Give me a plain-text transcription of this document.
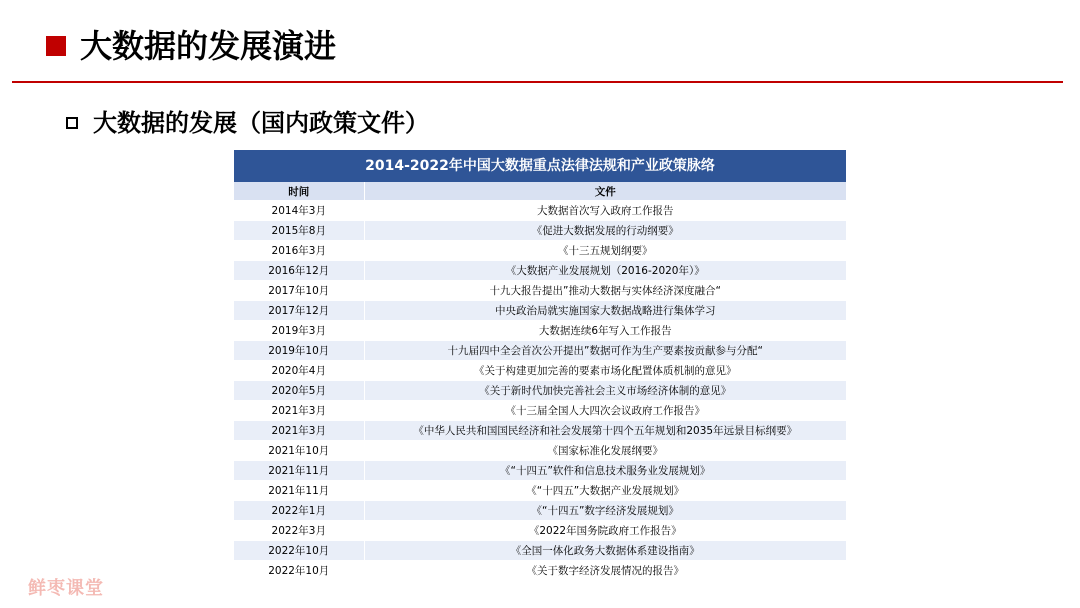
大数据的发展演进
大数据的发展（国内政策文件）
2014-2022年中国大数据重点法律法规和产业政策脉络
时间	文件
2014年3月	大数据首次写入政府工作报告
2015年8月	《促进大数据发展的行动纲要》
2016年3月	《十三五规划纲要》
2016年12月	《大数据产业发展规划（2016-2020年）》
2017年10月	十九大报告提出”推动大数据与实体经济深度融合“
2017年12月	中央政治局就实施国家大数据战略进行集体学习
2019年3月	大数据连续6年写入工作报告
2019年10月	十九届四中全会首次公开提出”数据可作为生产要素按贡献参与分配“
2020年4月	《关于构建更加完善的要素市场化配置体质机制的意见》
2020年5月	《关于新时代加快完善社会主义市场经济体制的意见》
2021年3月	《十三届全国人大四次会议政府工作报告》
2021年3月	《中华人民共和国国民经济和社会发展第十四个五年规划和2035年远景目标纲要》
2021年10月	《国家标准化发展纲要》
2021年11月	《“十四五”软件和信息技术服务业发展规划》
2021年11月	《“十四五”大数据产业发展规划》
2022年1月	《“十四五”数字经济发展规划》
2022年3月	《2022年国务院政府工作报告》
2022年10月	《全国一体化政务大数据体系建设指南》
2022年10月	《关于数字经济发展情况的报告》
鲜枣课堂
